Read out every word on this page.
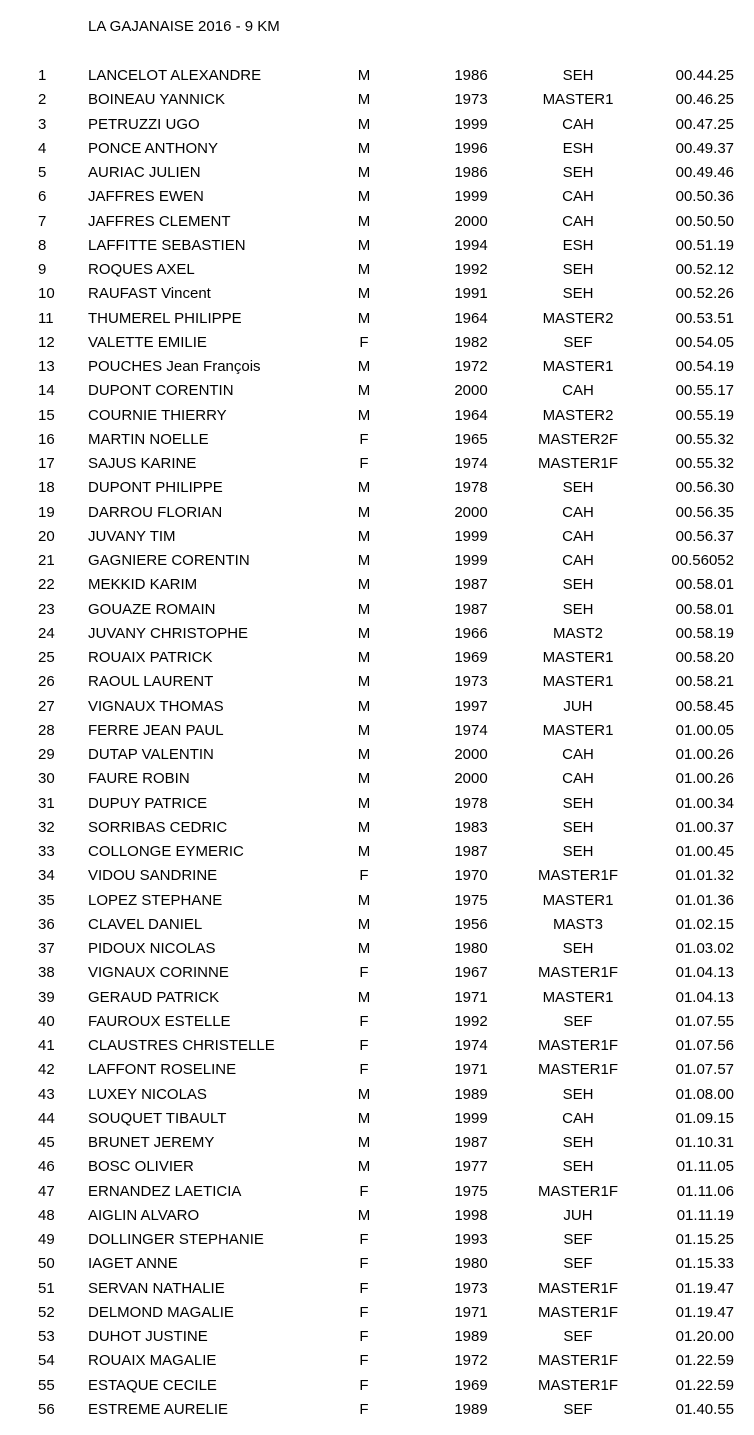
LA GAJANAISE 2016 - 9 KM
1	LANCELOT ALEXANDRE	M	1986	SEH	00.44.25
2	BOINEAU YANNICK	M	1973	MASTER1	00.46.25
3	PETRUZZI UGO	M	1999	CAH	00.47.25
4	PONCE ANTHONY	M	1996	ESH	00.49.37
5	AURIAC JULIEN	M	1986	SEH	00.49.46
6	JAFFRES EWEN	M	1999	CAH	00.50.36
7	JAFFRES CLEMENT	M	2000	CAH	00.50.50
8	LAFFITTE SEBASTIEN	M	1994	ESH	00.51.19
9	ROQUES AXEL	M	1992	SEH	00.52.12
10	RAUFAST Vincent	M	1991	SEH	00.52.26
11	THUMEREL PHILIPPE	M	1964	MASTER2	00.53.51
12	VALETTE EMILIE	F	1982	SEF	00.54.05
13	POUCHES Jean François	M	1972	MASTER1	00.54.19
14	DUPONT CORENTIN	M	2000	CAH	00.55.17
15	COURNIE THIERRY	M	1964	MASTER2	00.55.19
16	MARTIN NOELLE	F	1965	MASTER2F	00.55.32
17	SAJUS KARINE	F	1974	MASTER1F	00.55.32
18	DUPONT PHILIPPE	M	1978	SEH	00.56.30
19	DARROU FLORIAN	M	2000	CAH	00.56.35
20	JUVANY TIM	M	1999	CAH	00.56.37
21	GAGNIERE CORENTIN	M	1999	CAH	00.56052
22	MEKKID KARIM	M	1987	SEH	00.58.01
23	GOUAZE ROMAIN	M	1987	SEH	00.58.01
24	JUVANY CHRISTOPHE	M	1966	MAST2	00.58.19
25	ROUAIX PATRICK	M	1969	MASTER1	00.58.20
26	RAOUL LAURENT	M	1973	MASTER1	00.58.21
27	VIGNAUX THOMAS	M	1997	JUH	00.58.45
28	FERRE JEAN PAUL	M	1974	MASTER1	01.00.05
29	DUTAP VALENTIN	M	2000	CAH	01.00.26
30	FAURE ROBIN	M	2000	CAH	01.00.26
31	DUPUY PATRICE	M	1978	SEH	01.00.34
32	SORRIBAS CEDRIC	M	1983	SEH	01.00.37
33	COLLONGE EYMERIC	M	1987	SEH	01.00.45
34	VIDOU SANDRINE	F	1970	MASTER1F	01.01.32
35	LOPEZ STEPHANE	M	1975	MASTER1	01.01.36
36	CLAVEL DANIEL	M	1956	MAST3	01.02.15
37	PIDOUX NICOLAS	M	1980	SEH	01.03.02
38	VIGNAUX CORINNE	F	1967	MASTER1F	01.04.13
39	GERAUD PATRICK	M	1971	MASTER1	01.04.13
40	FAUROUX ESTELLE	F	1992	SEF	01.07.55
41	CLAUSTRES CHRISTELLE	F	1974	MASTER1F	01.07.56
42	LAFFONT ROSELINE	F	1971	MASTER1F	01.07.57
43	LUXEY NICOLAS	M	1989	SEH	01.08.00
44	SOUQUET TIBAULT	M	1999	CAH	01.09.15
45	BRUNET JEREMY	M	1987	SEH	01.10.31
46	BOSC OLIVIER	M	1977	SEH	01.11.05
47	ERNANDEZ LAETICIA	F	1975	MASTER1F	01.11.06
48	AIGLIN ALVARO	M	1998	JUH	01.11.19
49	DOLLINGER STEPHANIE	F	1993	SEF	01.15.25
50	IAGET ANNE	F	1980	SEF	01.15.33
51	SERVAN NATHALIE	F	1973	MASTER1F	01.19.47
52	DELMOND MAGALIE	F	1971	MASTER1F	01.19.47
53	DUHOT JUSTINE	F	1989	SEF	01.20.00
54	ROUAIX MAGALIE	F	1972	MASTER1F	01.22.59
55	ESTAQUE CECILE	F	1969	MASTER1F	01.22.59
56	ESTREME AURELIE	F	1989	SEF	01.40.55
